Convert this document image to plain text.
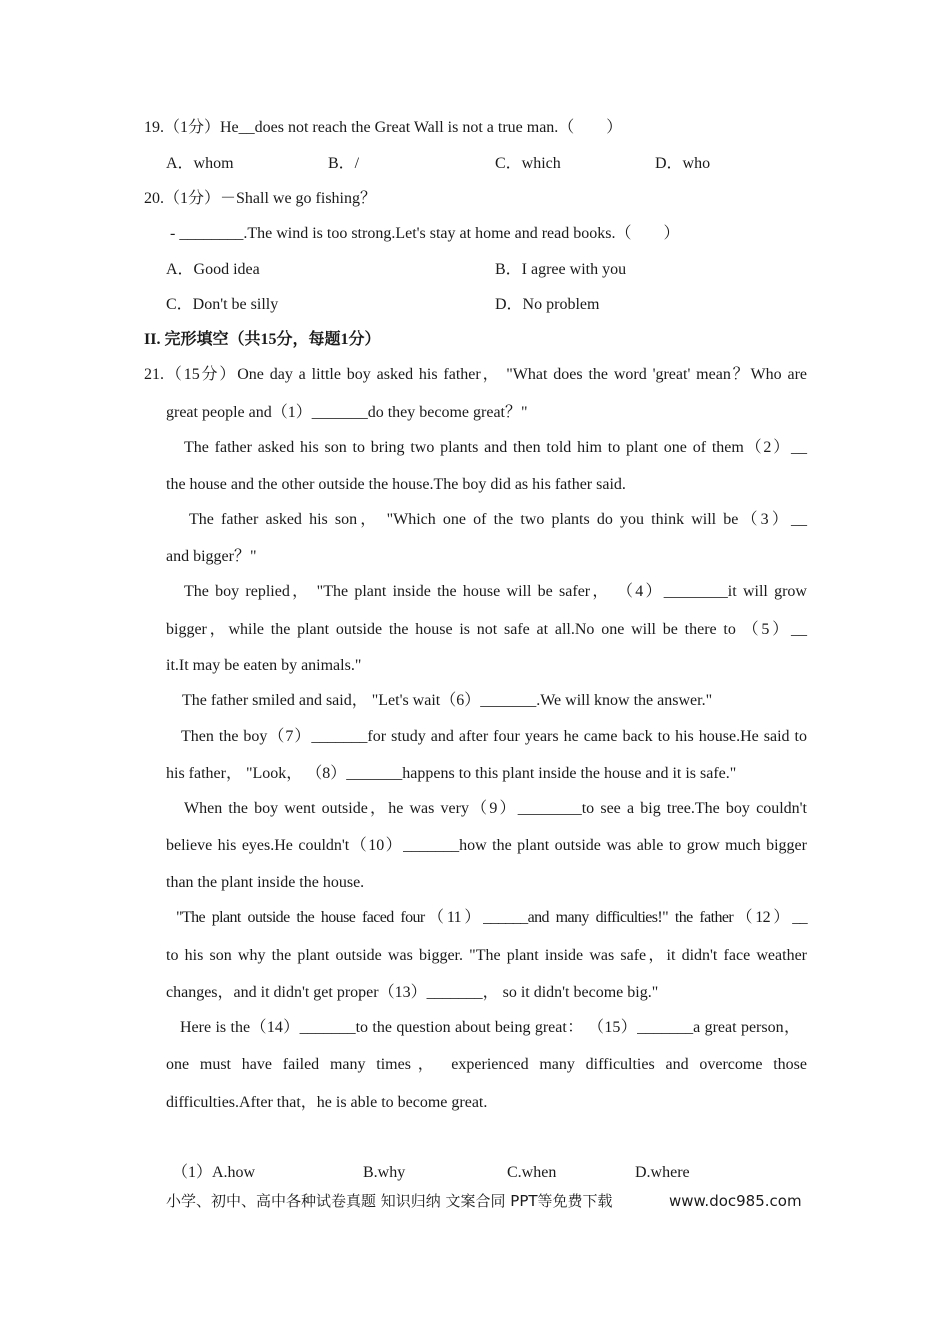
19.（1分）He__does not reach the Great Wall is not a true man.（　　）
A．whom	B．/	C．which	D．who
20.（1分）－Shall we go fishing？
- ________.The wind is too strong.Let's stay at home and read books.（　　）
A．Good idea	B．I agree with you
C．Don't be silly	D．No problem
II. 完形填空（共15分，每题1分）
21.（15分）One day a little boy asked his father， "What does the word 'great' mean？Who are
great people and（1）_______do they become great？"
The father asked his son to bring two plants and then told him to plant one of them（2）__
the house and the other outside the house.The boy did as his father said.
The father asked his son， "Which one of the two plants do you think will be（3）__
and bigger？"
The boy replied， "The plant inside the house will be safer， （4）________it will grow
bigger，while the plant outside the house is not safe at all.No one will be there to （5）__
it.It may be eaten by animals."
The father smiled and said， "Let's wait（6）_______.We will know the answer."
Then the boy（7）_______for study and after four years he came back to his house.He said to
his father， "Look， （8）_______happens to this plant inside the house and it is safe."
When the boy went outside，he was very（9）________to see a big tree.The boy couldn't
believe his eyes.He couldn't（10）_______how the plant outside was able to grow much bigger
than the plant inside the house.
"The plant outside the house faced four（11）______and many difficulties!" the father（12）__
to his son why the plant outside was bigger. "The plant inside was safe，it didn't face weather
changes，and it didn't get proper（13）_______， so it didn't become big."
Here is the（14）_______to the question about being great： （15）_______a great person，
one must have failed many times， experienced many difficulties and overcome those
difficulties.After that，he is able to become great.
（1）A.how	B.why	C.when	D.where
小学、初中、高中各种试卷真题 知识归纳 文案合同 PPT等免费下载	www.doc985.com
